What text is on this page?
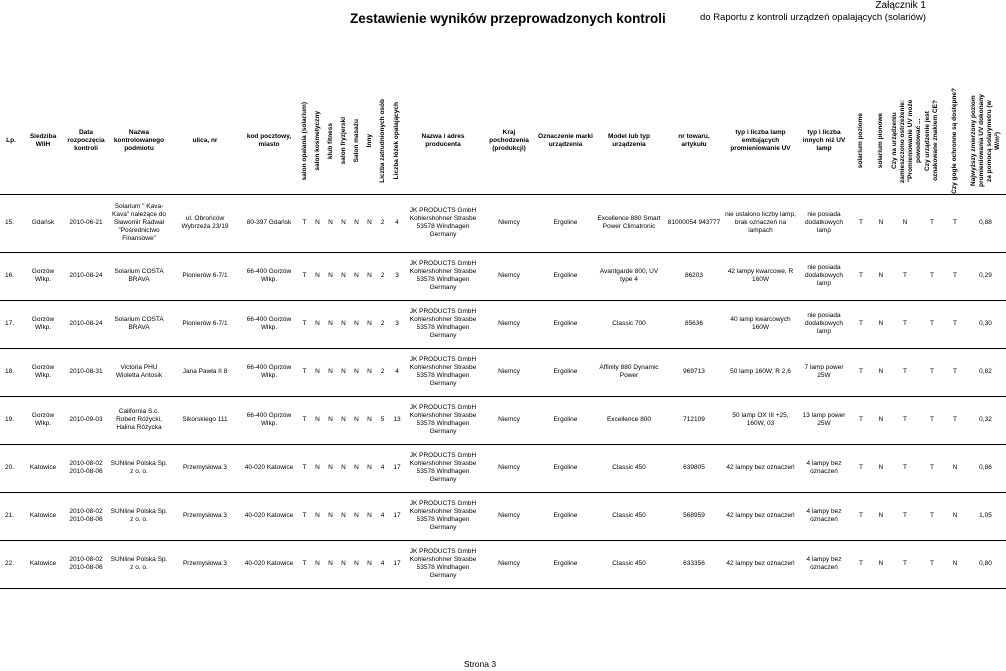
Załącznik 1
do Raportu z kontroli urządzeń opalających (solariów)
Zestawienie wyników przeprowadzonych kontroli
Lp.	Siedziba WIIH	Data rozpoczęcia kontroli	Nazwa kontrolowanego podmiotu	ulica, nr	kod pocztowy, miasto	salon opalania (solarium)	salon kosmetyczny	klub fitness	salon fryzjerski	Salon masażu	Inny	Liczba zatrudnionych osób	Liczba łóżek opalających	Nazwa i adres producenta	Kraj pochodzenia (produkcji)	Oznaczenie marki urządzenia	Model lub typ urządzenia	nr towaru, artykułu	typ i liczba lamp emitujących promieniowanie UV	typ i liczba innych niż UV lamp	solarium poziome	solarium pionowe	Czy na urządzeniu zamieszczono ostrzeżenie: "Promieniowanie UV może powodować ...	Czy urządzenie jest oznakowane znakiem CE?	Czy gogle ochronne są dostępne?	Najwyższy zmierzony poziom promieniowania UV dokonany za pomocą solarymetru (w W/m²)

15.	Gdańsk	2010-06-21	Solarium " Kava-Kava" należące do Sławomir Radwał "Pośrednictwo Finansowe"	ul. Obrońców Wybrzeża 23/19	80-397 Gdańsk	T	N	N	N	N	N	2	4	JK PRODUCTS GmbH Kohlershohner Strasbe 53578 Windhagen Germany	Niemcy	Ergoline	Excellence 880 Smart Power Climatronic	81000054 943777	nie ustalono liczby lamp, brak oznaczeń na lampach	nie posiada dodatkowych lamp	T	N	N	T	T	0,88
16.	Gorzów Wlkp.	2010-08-24	Solarium COSTA BRAVA	Pionierów 6-7/1	66-400 Gorzów Wlkp.	T	N	N	N	N	N	2	3	JK PRODUCTS GmbH Kohlershohner Strasbe 53578 Windhagen Germany	Niemcy	Ergoline	Avantgarde 800, UV type 4	86203	42 lampy kwarcowe, R 160W	nie posiada dodatkowych lamp	T	N	T	T	T	0,29
17.	Gorzów Wlkp.	2010-08-24	Solarium COSTA BRAVA	Pionierów 6-7/1	66-400 Gorzów Wlkp.	T	N	N	N	N	N	2	3	JK PRODUCTS GmbH Kohlershohner Strasbe 53578 Windhagen Germany	Niemcy	Ergoline	Classic 700	85636	40 lamp kwarcowych 160W	nie posiada dodatkowych lamp	T	N	T	T	T	0,30
18.	Gorzów Wlkp.	2010-08-31	Victoria PHU Wioletta Antosik	Jana Pawła II 8	66-400 Gprzów Wlkp.	T	N	N	N	N	N	2	4	JK PRODUCTS GmbH Kohlershohner Strasbe 53578 Windhagen Germany	Niemcy	Ergoline	Affinity 880 Dynamic Power	969713	50 lamp 160W, R 2,6	7 lamp power 25W	T	N	T	T	T	0,82
19.	Gorzów Wlkp.	2010-09-03	California S.c. Robert Różycki, Halina Różycka	Sikorskiego 111	66-400 Gprzów Wlkp.	T	N	N	N	N	N	5	13	JK PRODUCTS GmbH Kohlershohner Strasbe 53578 Windhagen Germany	Niemcy	Ergoline	Excellence 800	712109	50 lamp OX III +25, 160W, 03	13 lamp power 25W	T	N	T	T	T	0,32
20.	Katowice	2010-08-02 2010-08-06	SUNline Polska Sp. z o. o.	Przemysłowa 3	40-020 Katowice	T	N	N	N	N	N	4	17	JK PRODUCTS GmbH Kohlershohner Strasbe 53578 Windhagen Germany	Niemcy	Ergoline	Classic 450	639805	42 lampy bez oznaczeń	4 lampy bez oznaczeń	T	N	T	T	N	0,86
21.	Katowice	2010-08-02 2010-08-06	SUNline Polska Sp. z o. o.	Przemysłowa 3	40-020 Katowice	T	N	N	N	N	N	4	17	JK PRODUCTS GmbH Kohlershohner Strasbe 53578 Windhagen Germany	Niemcy	Ergoline	Classic 450	568959	42 lampy bez oznaczeń	4 lampy bez oznaczeń	T	N	T	T	N	1,05
22.	Katowice	2010-08-02 2010-08-06	SUNline Polska Sp. z o. o.	Przemysłowa 3	40-020 Katowice	T	N	N	N	N	N	4	17	JK PRODUCTS GmbH Kohlershohner Strasbe 53578 Windhagen Germany	Niemcy	Ergoline	Classic 450	633356	42 lampy bez oznaczeń	4 lampy bez oznaczeń	T	N	T	T	N	0,80
Strona 3
